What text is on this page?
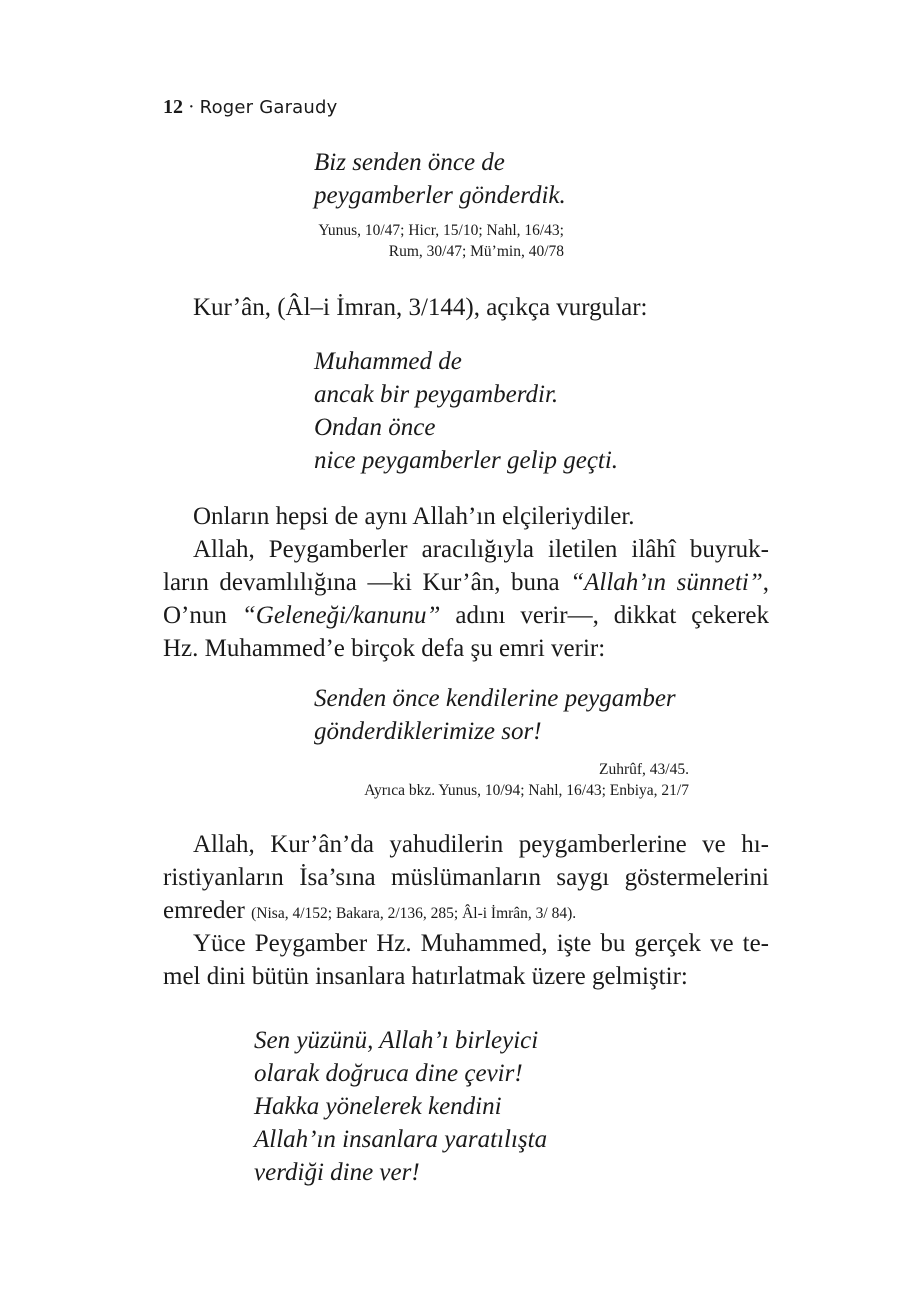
12 · Roger Garaudy
Biz senden önce de
peygamberler gönderdik.
Yunus, 10/47; Hicr, 15/10; Nahl, 16/43;
Rum, 30/47; Mü’min, 40/78
Kur’ân, (Âl–i İmran, 3/144), açıkça vurgular:
Muhammed de
ancak bir peygamberdir.
Ondan önce
nice peygamberler gelip geçti.
Onların hepsi de aynı Allah’ın elçileriydiler.
Allah, Peygamberler aracılığıyla iletilen ilâhî buyruk-
ların devamlılığına —ki Kur’ân, buna “Allah’ın sünneti”,
O’nun “Geleneği/kanunu” adını verir—, dikkat çekerek
Hz. Muhammed’e birçok defa şu emri verir:
Senden önce kendilerine peygamber
gönderdiklerimize sor!
Zuhrûf, 43/45.
Ayrıca bkz. Yunus, 10/94; Nahl, 16/43; Enbiya, 21/7
Allah, Kur’ân’da yahudilerin peygamberlerine ve hı-
ristiyanların İsa’sına müslümanların saygı göstermelerini
emreder (Nisa, 4/152; Bakara, 2/136, 285; Âl-i İmrân, 3/ 84).
Yüce Peygamber Hz. Muhammed, işte bu gerçek ve te-
mel dini bütün insanlara hatırlatmak üzere gelmiştir:
Sen yüzünü, Allah’ı birleyici
olarak doğruca dine çevir!
Hakka yönelerek kendini
Allah’ın insanlara yaratılışta
verdiği dine ver!
